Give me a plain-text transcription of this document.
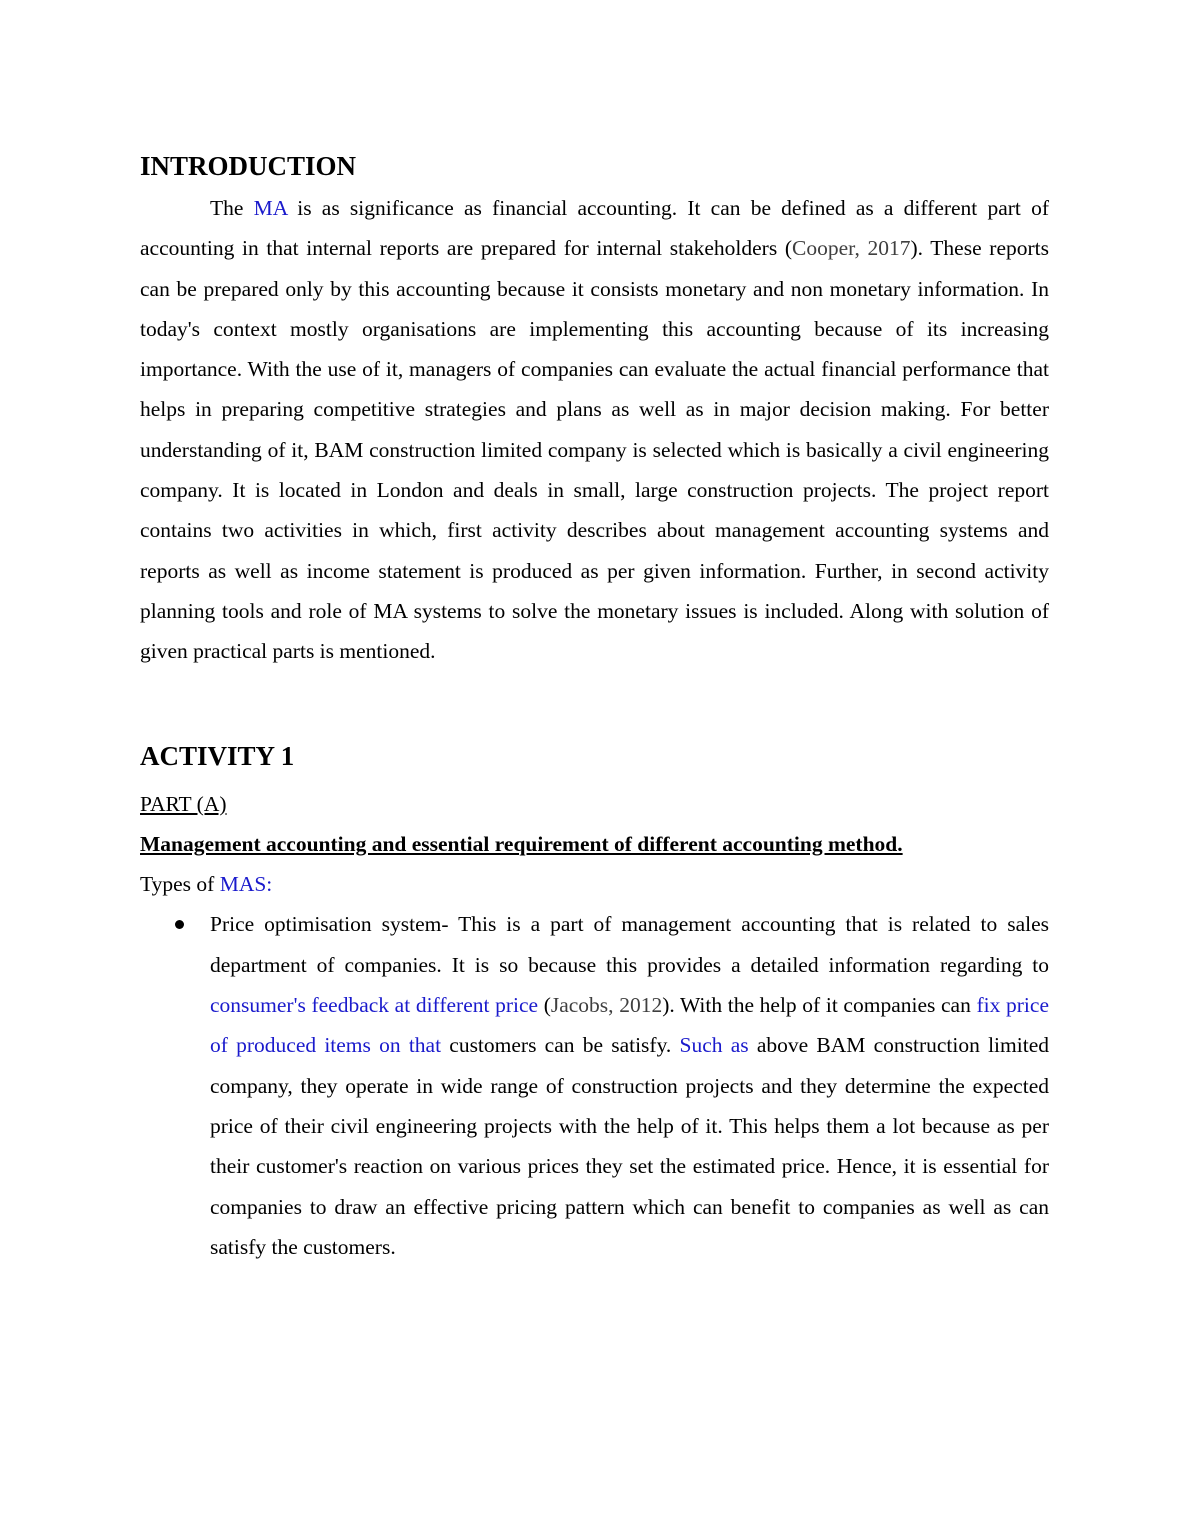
INTRODUCTION

The MA is as significance as financial accounting. It can be defined as a different part of accounting in that internal reports are prepared for internal stakeholders (Cooper, 2017). These reports can be prepared only by this accounting because it consists monetary and non monetary information. In today's context mostly organisations are implementing this accounting because of its increasing importance. With the use of it, managers of companies can evaluate the actual financial performance that helps in preparing competitive strategies and plans as well as in major decision making. For better understanding of it, BAM construction limited company is selected which is basically a civil engineering company. It is located in London and deals in small, large construction projects. The project report contains two activities in which, first activity describes about management accounting systems and reports as well as income statement is produced as per given information. Further, in second activity planning tools and role of MA systems to solve the monetary issues is included. Along with solution of given practical parts is mentioned.

ACTIVITY 1

PART (A)

Management accounting and essential requirement of different accounting method.

Types of MAS:

Price optimisation system- This is a part of management accounting that is related to sales department of companies. It is so because this provides a detailed information regarding to consumer's feedback at different price (Jacobs, 2012). With the help of it companies can fix price of produced items on that customers can be satisfy. Such as above BAM construction limited company, they operate in wide range of construction projects and they determine the expected price of their civil engineering projects with the help of it. This helps them a lot because as per their customer's reaction on various prices they set the estimated price. Hence, it is essential for companies to draw an effective pricing pattern which can benefit to companies as well as can satisfy the customers.
